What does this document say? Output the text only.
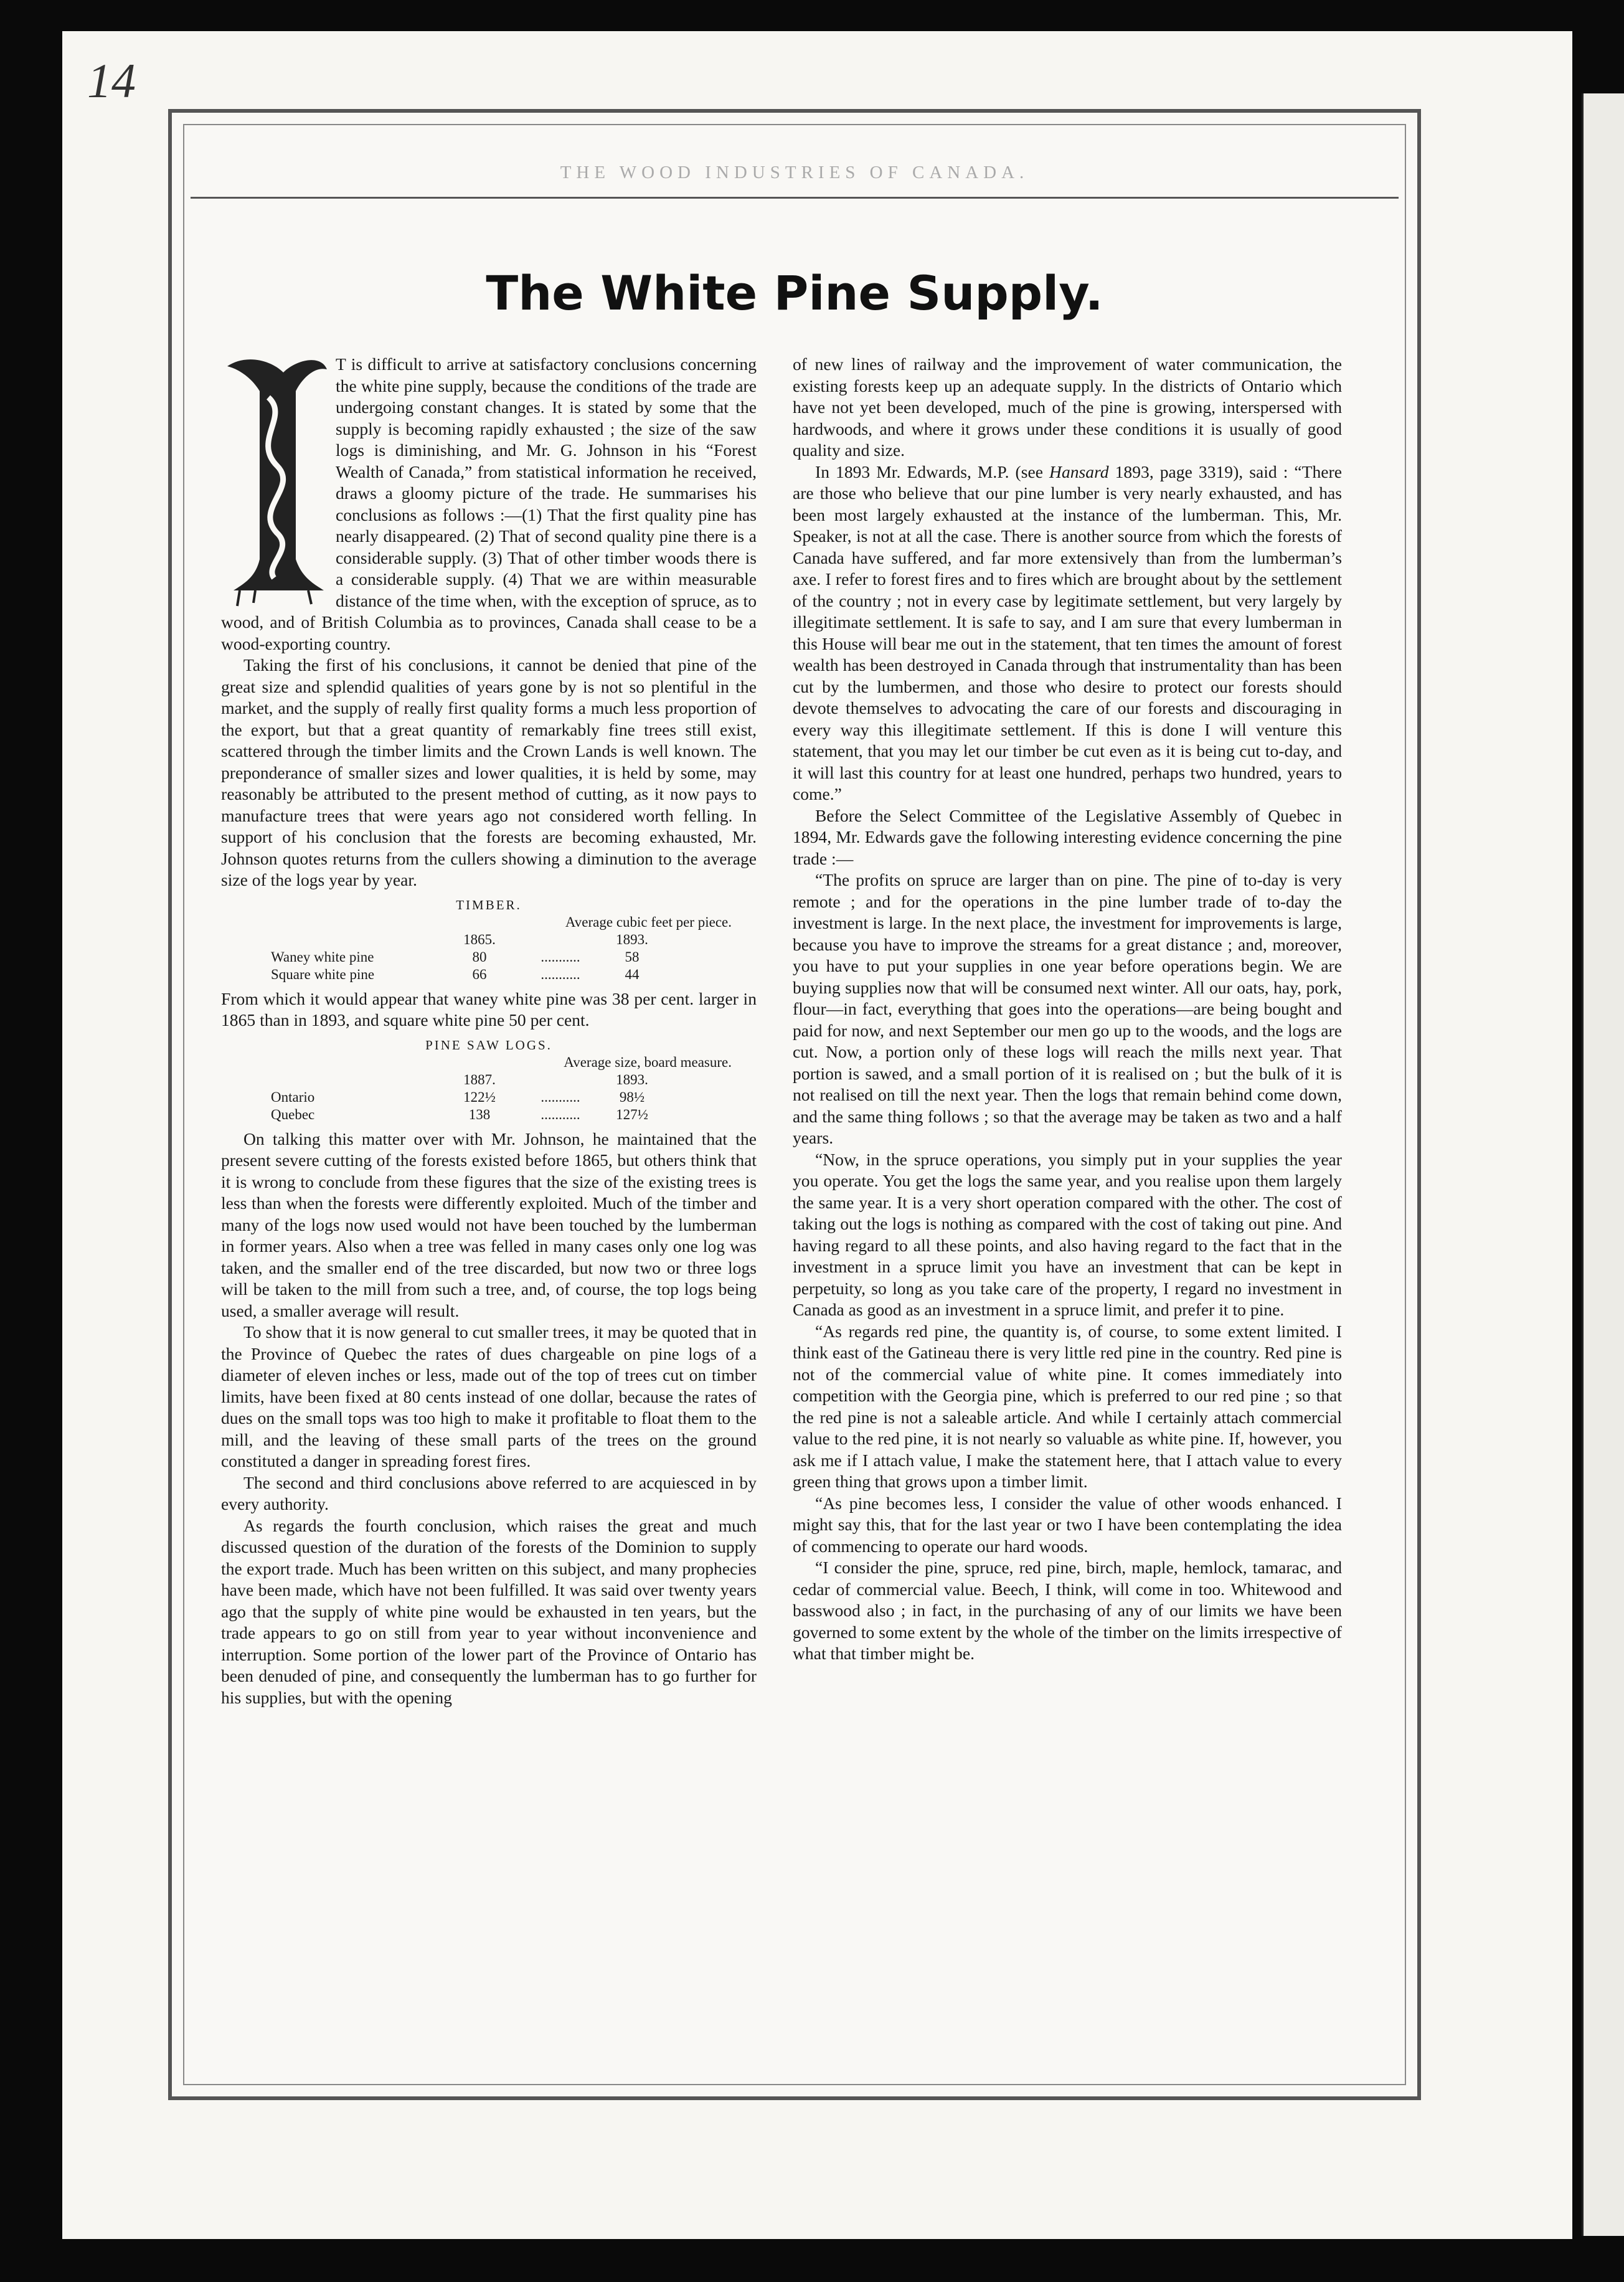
14
THE WOOD INDUSTRIES OF CANADA.
The White Pine Supply.

T is difficult to arrive at satisfactory conclusions concerning the white pine supply, because the conditions of the trade are undergoing constant changes. It is stated by some that the supply is becoming rapidly exhausted ; the size of the saw logs is diminishing, and Mr. G. Johnson in his “Forest Wealth of Canada,” from statistical information he received, draws a gloomy picture of the trade. He summarises his conclusions as follows :—(1) That the first quality pine has nearly disappeared. (2) That of second quality pine there is a considerable supply. (3) That of other timber woods there is a considerable supply. (4) That we are within measurable distance of the time when, with the exception of spruce, as to wood, and of British Columbia as to provinces, Canada shall cease to be a wood-exporting country.

Taking the first of his conclusions, it cannot be denied that pine of the great size and splendid qualities of years gone by is not so plentiful in the market, and the supply of really first quality forms a much less proportion of the export, but that a great quantity of remarkably fine trees still exist, scattered through the timber limits and the Crown Lands is well known. The preponderance of smaller sizes and lower qualities, it is held by some, may reasonably be attributed to the present method of cutting, as it now pays to manufacture trees that were years ago not considered worth felling. In support of his conclusion that the forests are becoming exhausted, Mr. Johnson quotes returns from the cullers showing a diminution to the average size of the logs year by year.

TIMBER.
Average cubic feet per piece.
1865.	1893.
Waney white pine	80	...........	58
Square white pine	66	...........	44

From which it would appear that waney white pine was 38 per cent. larger in 1865 than in 1893, and square white pine 50 per cent.

PINE SAW LOGS.
Average size, board measure.
1887.	1893.
Ontario	122½	...........	98½
Quebec	138	...........	127½

On talking this matter over with Mr. Johnson, he maintained that the present severe cutting of the forests existed before 1865, but others think that it is wrong to conclude from these figures that the size of the existing trees is less than when the forests were differently exploited. Much of the timber and many of the logs now used would not have been touched by the lumberman in former years. Also when a tree was felled in many cases only one log was taken, and the smaller end of the tree discarded, but now two or three logs will be taken to the mill from such a tree, and, of course, the top logs being used, a smaller average will result.

To show that it is now general to cut smaller trees, it may be quoted that in the Province of Quebec the rates of dues chargeable on pine logs of a diameter of eleven inches or less, made out of the top of trees cut on timber limits, have been fixed at 80 cents instead of one dollar, because the rates of dues on the small tops was too high to make it profitable to float them to the mill, and the leaving of these small parts of the trees on the ground constituted a danger in spreading forest fires.

The second and third conclusions above referred to are acquiesced in by every authority.

As regards the fourth conclusion, which raises the great and much discussed question of the duration of the forests of the Dominion to supply the export trade. Much has been written on this subject, and many prophecies have been made, which have not been fulfilled. It was said over twenty years ago that the supply of white pine would be exhausted in ten years, but the trade appears to go on still from year to year without inconvenience and interruption. Some portion of the lower part of the Province of Ontario has been denuded of pine, and consequently the lumberman has to go further for his supplies, but with the opening

of new lines of railway and the improvement of water communication, the existing forests keep up an adequate supply. In the districts of Ontario which have not yet been developed, much of the pine is growing, interspersed with hardwoods, and where it grows under these conditions it is usually of good quality and size.

In 1893 Mr. Edwards, M.P. (see Hansard 1893, page 3319), said : “There are those who believe that our pine lumber is very nearly exhausted, and has been most largely exhausted at the instance of the lumberman. This, Mr. Speaker, is not at all the case. There is another source from which the forests of Canada have suffered, and far more extensively than from the lumberman’s axe. I refer to forest fires and to fires which are brought about by the settlement of the country ; not in every case by legitimate settlement, but very largely by illegitimate settlement. It is safe to say, and I am sure that every lumberman in this House will bear me out in the statement, that ten times the amount of forest wealth has been destroyed in Canada through that instrumentality than has been cut by the lumbermen, and those who desire to protect our forests should devote themselves to advocating the care of our forests and discouraging in every way this illegitimate settlement. If this is done I will venture this statement, that you may let our timber be cut even as it is being cut to-day, and it will last this country for at least one hundred, perhaps two hundred, years to come.”

Before the Select Committee of the Legislative Assembly of Quebec in 1894, Mr. Edwards gave the following interesting evidence concerning the pine trade :—

“The profits on spruce are larger than on pine. The pine of to-day is very remote ; and for the operations in the pine lumber trade of to-day the investment is large. In the next place, the investment for improvements is large, because you have to improve the streams for a great distance ; and, moreover, you have to put your supplies in one year before operations begin. We are buying supplies now that will be consumed next winter. All our oats, hay, pork, flour—in fact, everything that goes into the operations—are being bought and paid for now, and next September our men go up to the woods, and the logs are cut. Now, a portion only of these logs will reach the mills next year. That portion is sawed, and a small portion of it is realised on ; but the bulk of it is not realised on till the next year. Then the logs that remain behind come down, and the same thing follows ; so that the average may be taken as two and a half years.

“Now, in the spruce operations, you simply put in your supplies the year you operate. You get the logs the same year, and you realise upon them largely the same year. It is a very short operation compared with the other. The cost of taking out the logs is nothing as compared with the cost of taking out pine. And having regard to all these points, and also having regard to the fact that in the investment in a spruce limit you have an investment that can be kept in perpetuity, so long as you take care of the property, I regard no investment in Canada as good as an investment in a spruce limit, and prefer it to pine.

“As regards red pine, the quantity is, of course, to some extent limited. I think east of the Gatineau there is very little red pine in the country. Red pine is not of the commercial value of white pine. It comes immediately into competition with the Georgia pine, which is preferred to our red pine ; so that the red pine is not a saleable article. And while I certainly attach commercial value to the red pine, it is not nearly so valuable as white pine. If, however, you ask me if I attach value, I make the statement here, that I attach value to every green thing that grows upon a timber limit.

“As pine becomes less, I consider the value of other woods enhanced. I might say this, that for the last year or two I have been contemplating the idea of commencing to operate our hard woods.

“I consider the pine, spruce, red pine, birch, maple, hemlock, tamarac, and cedar of commercial value. Beech, I think, will come in too. Whitewood and basswood also ; in fact, in the purchasing of any of our limits we have been governed to some extent by the whole of the timber on the limits irrespective of what that timber might be.
